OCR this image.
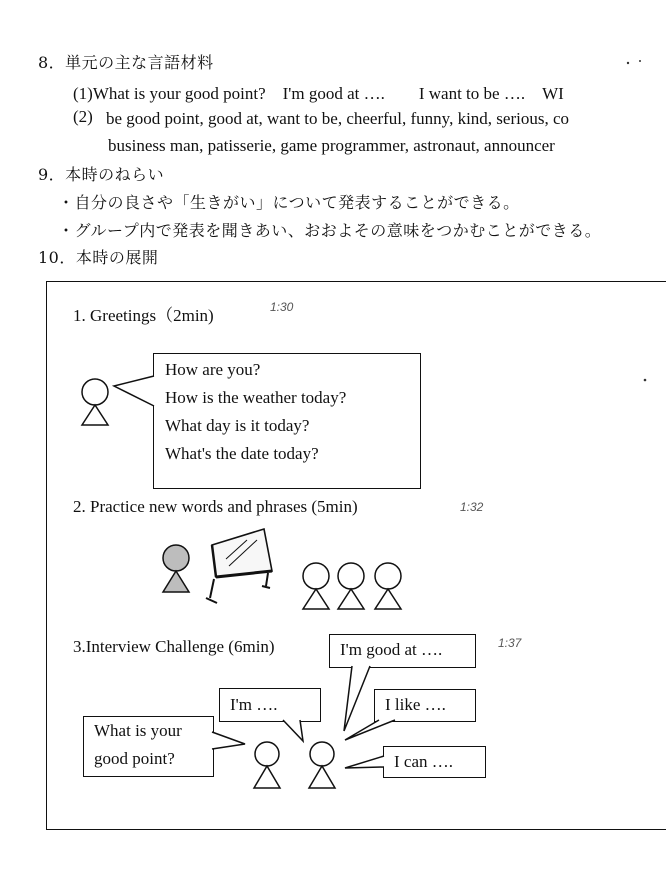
8．単元の主な言語材料
(1)What is your good point?　I'm good at ….　　I want to be ….　WI
(2) be good point, good at, want to be, cheerful, funny, kind, serious, co
business man, patisserie, game programmer, astronaut, announcer
9．本時のねらい
・自分の良さや「生きがい」について発表することができる。
・グループ内で発表を聞きあい、おおよその意味をつかむことができる。
10．本時の展開
1. Greetings（2min)	1:30
How are you?
How is the weather today?
What day is it today?
What's the date today?
2. Practice new words and phrases (5min)	1:32
3.Interview Challenge (6min)	1:37
I'm good at ….
I'm ….	I like ….
What is your
good point?	I can ….
